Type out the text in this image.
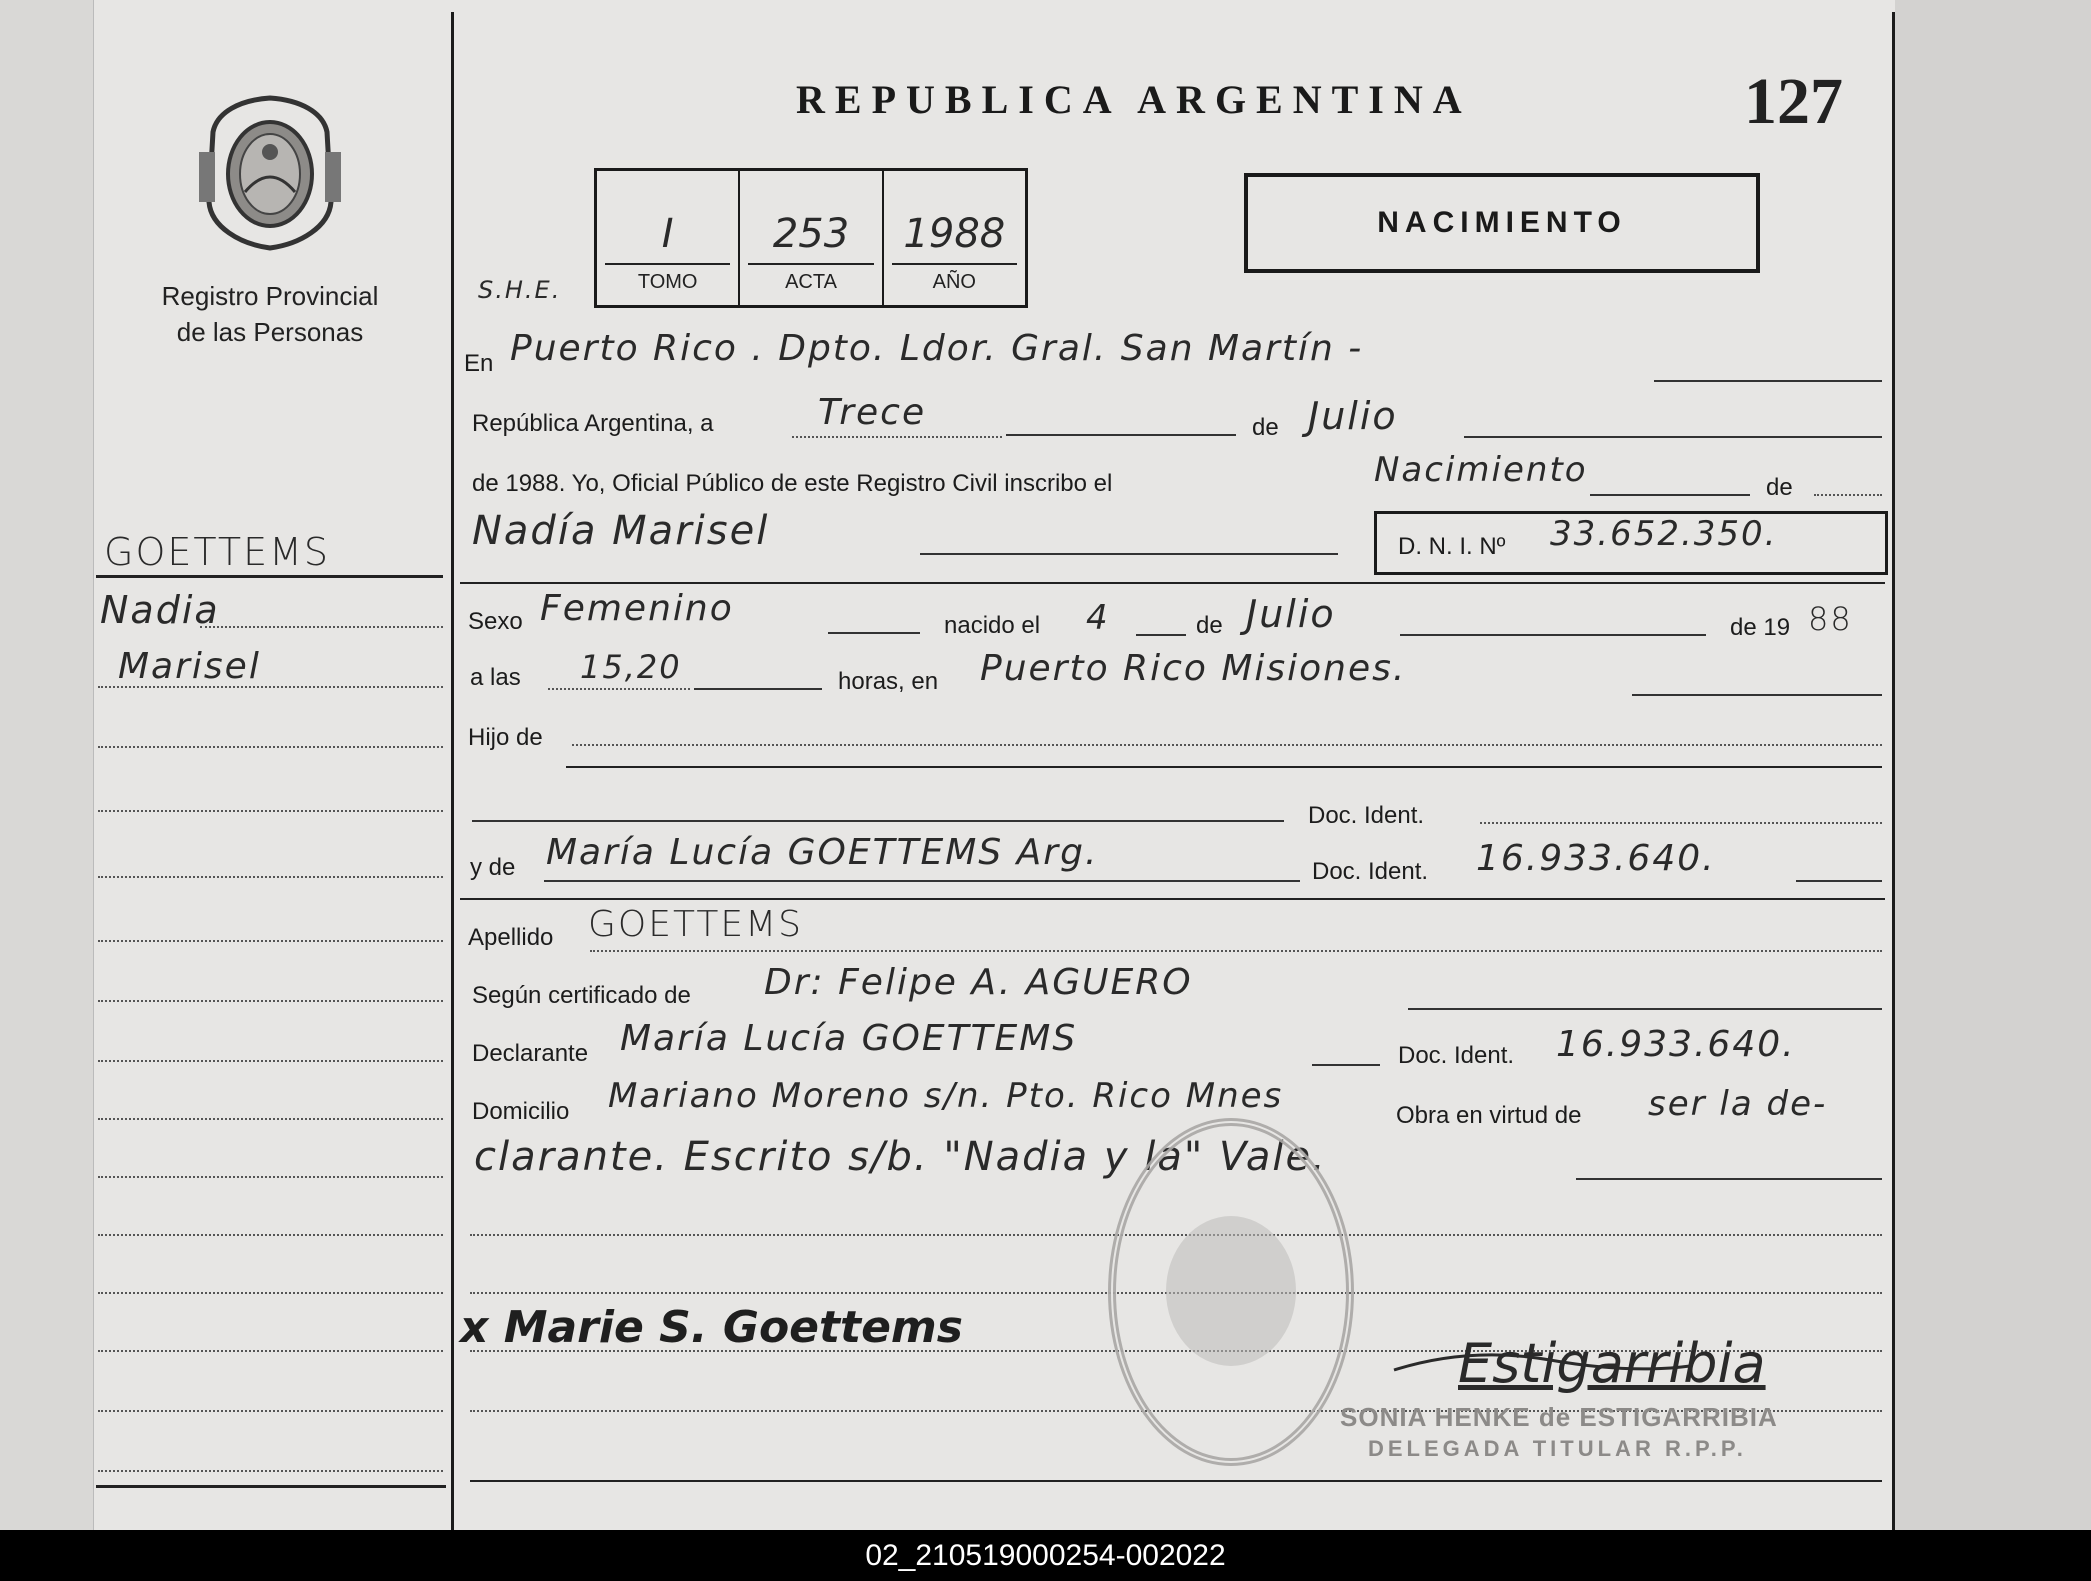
Registro Provincial
de las Personas
REPUBLICA ARGENTINA	127
S.H.E.
I
TOMO
253
ACTA
1988
AÑO
NACIMIENTO
GOETTEMS
Nadia
Marisel
En Puerto Rico . Dpto. Ldor. Gral. San Martín -
República Argentina, a	Trece	de Julio
de 1988. Yo, Oficial Público de este Registro Civil inscribo el	Nacimiento	de
Nadía Marisel	D. N. I. Nº 33.652.350.
Sexo Femenino	nacido el 4	de Julio	de 19 88
a las 15,20	horas, en Puerto Rico Misiones.
Hijo de
Doc. Ident.
y de María Lucía GOETTEMS Arg.	Doc. Ident. 16.933.640.
Apellido GOETTEMS
Según certificado de Dr: Felipe A. AGUERO
Declarante María Lucía GOETTEMS	Doc. Ident. 16.933.640.
Domicilio Mariano Moreno s/n. Pto. Rico Mnes	Obra en virtud de ser la de-
clarante. Escrito s/b. "Nadia y la" Vale.
x Marie S. Goettems
Estigarribia
SONIA HENKE de ESTIGARRIBIA
DELEGADA TITULAR R.P.P.
02_210519000254-002022
